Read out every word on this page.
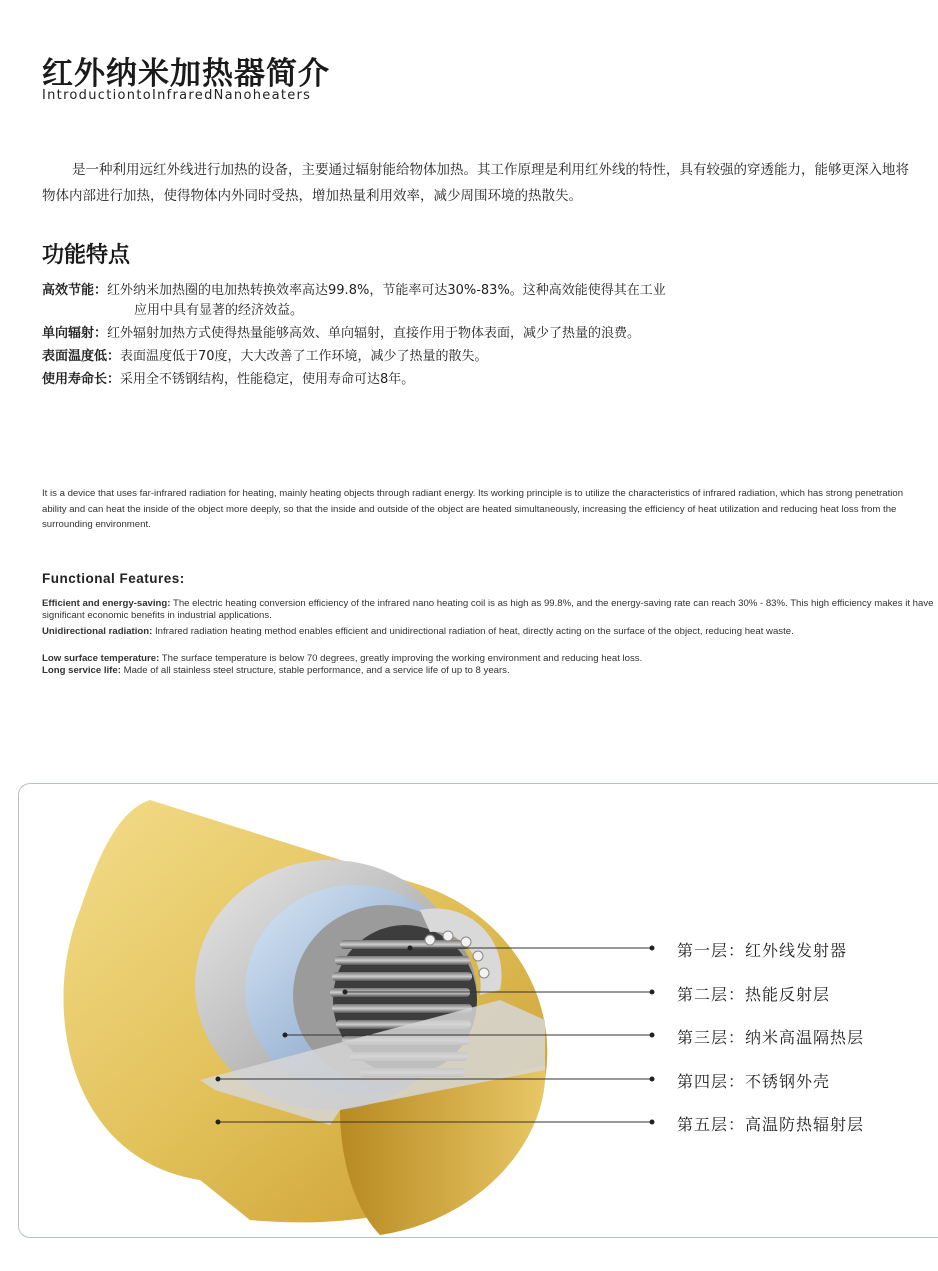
红外纳米加热器简介
IntroductiontoInfraredNanoheaters
是一种利用远红外线进行加热的设备，主要通过辐射能给物体加热。其工作原理是利用红外线的特性，具有较强的穿透能力，能够更深入地将物体内部进行加热，使得物体内外同时受热，增加热量利用效率，减少周围环境的热散失。
功能特点
高效节能：红外纳米加热圈的电加热转换效率高达99.8%，节能率可达30%-83%。这种高效能使得其在工业
应用中具有显著的经济效益。
单向辐射：红外辐射加热方式使得热量能够高效、单向辐射，直接作用于物体表面，减少了热量的浪费。
表面温度低：表面温度低于70度，大大改善了工作环境，减少了热量的散失。
使用寿命长：采用全不锈钢结构，性能稳定，使用寿命可达8年。
It is a device that uses far-infrared radiation for heating, mainly heating objects through radiant energy. Its working principle is to utilize the characteristics of infrared radiation, which has strong penetration ability and can heat the inside of the object more deeply, so that the inside and outside of the object are heated simultaneously, increasing the efficiency of heat utilization and reducing heat loss from the surrounding environment.
Functional Features:
Efficient and energy-saving: The electric heating conversion efficiency of the infrared nano heating coil is as high as 99.8%, and the energy-saving rate can reach 30% - 83%. This high efficiency makes it have significant economic benefits in industrial applications.
Unidirectional radiation: Infrared radiation heating method enables efficient and unidirectional radiation of heat, directly acting on the surface of the object, reducing heat waste.
Low surface temperature: The surface temperature is below 70 degrees, greatly improving the working environment and reducing heat loss.
Long service life: Made of all stainless steel structure, stable performance, and a service life of up to 8 years.
第一层：红外线发射器
第二层：热能反射层
第三层：纳米高温隔热层
第四层：不锈钢外壳
第五层：高温防热辐射层
